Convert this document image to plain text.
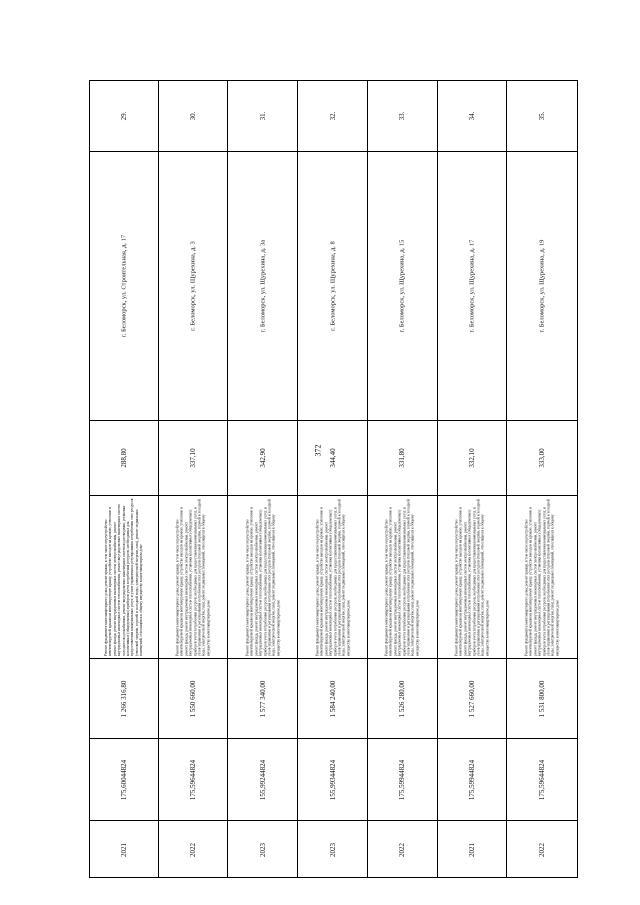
372
29.
г. Беломорск, ул. Строительная, д. 17
288,80
Ремонт фундамента многоквартирного дома; ремонт крыши, в том числе переустройство невентилируемой крыши на вентилируемую крышу, устройство выходов на кровлю, утепление и ремонт фасада, ремонт внутридомовых инженерных систем электроснабжения, ремонт внутридомовых инженерных систем теплоснабжения, ремонт внутридомовых инженерных систем холодного водоснабжения, ремонт внутридомовых инженерных систем водоотведения, установка коллективных (общедомовых) приборов учета потребления ресурсов, необходимых для предоставления коммунальных услуг, и узлов управления и регулирования потребления этих ресурсов (тепловой энергии, горячей и холодной воды, электрической энергии, газа), ремонт подвальных помещений, относящихся к общему имуществу в многоквартирном доме
1 266 316,80
175,60044824
2021
30.
г. Беломорск, ул. Щурехина, д. 3
337,10
Ремонт фундамента многоквартирного дома; ремонт крыши, в том числе переустройство невентилируемой крыши на вентилируемую крышу, устройство выходов на кровлю, утепление и ремонт фасада, ремонт внутридомовых инженерных систем электроснабжения, ремонт внутридомовых инженерных систем теплоснабжения, установка коллективных (общедомовых) приборов учета потребления ресурсов, необходимых для предоставления коммунальных услуг, и узлов управления и регулирования потребления этих ресурсов (тепловой энергии, горячей и холодной воды, электрической энергии, газа), ремонт подвальных помещений, относящихся к общему имуществу в многоквартирном доме
1 550 660,00
175,59644824
2022
31.
г. Беломорск, ул. Щурехина, д. 3а
342,90
Ремонт фундамента многоквартирного дома; ремонт крыши, в том числе переустройство невентилируемой крыши на вентилируемую крышу, устройство выходов на кровлю, утепление и ремонт фасада, ремонт внутридомовых инженерных систем электроснабжения, ремонт внутридомовых инженерных систем теплоснабжения, установка коллективных (общедомовых) приборов учета потребления ресурсов, необходимых для предоставления коммунальных услуг, и узлов управления и регулирования потребления этих ресурсов (тепловой энергии, горячей и холодной воды, электрической энергии, газа), ремонт подвальных помещений, относящихся к общему имуществу в многоквартирном доме
1 577 340,00
155,99244824
2023
32.
г. Беломорск, ул. Щурехина, д. 8
344,40
Ремонт фундамента многоквартирного дома; ремонт крыши, в том числе переустройство невентилируемой крыши на вентилируемую крышу, устройство выходов на кровлю, утепление и ремонт фасада, ремонт внутридомовых инженерных систем электроснабжения, ремонт внутридомовых инженерных систем теплоснабжения, установка коллективных (общедомовых) приборов учета потребления ресурсов, необходимых для предоставления коммунальных услуг, и узлов управления и регулирования потребления этих ресурсов (тепловой энергии, горячей и холодной воды, электрической энергии, газа), ремонт подвальных помещений, относящихся к общему имуществу в многоквартирном доме
1 584 240,00
155,99344824
2023
33.
г. Беломорск, ул. Щурехина, д. 15
331,80
Ремонт фундамента многоквартирного дома; ремонт крыши, в том числе переустройство невентилируемой крыши на вентилируемую крышу, устройство выходов на кровлю, утепление и ремонт фасада, ремонт внутридомовых инженерных систем электроснабжения, ремонт внутридомовых инженерных систем теплоснабжения, установка коллективных (общедомовых) приборов учета потребления ресурсов, необходимых для предоставления коммунальных услуг, и узлов управления и регулирования потребления этих ресурсов (тепловой энергии, горячей и холодной воды, электрической энергии, газа), ремонт подвальных помещений, относящихся к общему имуществу в многоквартирном доме
1 526 280,00
175,59944824
2022
34.
г. Беломорск, ул. Щурехина, д. 17
332,10
Ремонт фундамента многоквартирного дома; ремонт крыши, в том числе переустройство невентилируемой крыши на вентилируемую крышу, устройство выходов на кровлю, утепление и ремонт фасада, ремонт внутридомовых инженерных систем электроснабжения, ремонт внутридомовых инженерных систем теплоснабжения, установка коллективных (общедомовых) приборов учета потребления ресурсов, необходимых для предоставления коммунальных услуг, и узлов управления и регулирования потребления этих ресурсов (тепловой энергии, горячей и холодной воды, электрической энергии, газа), ремонт подвальных помещений, относящихся к общему имуществу в многоквартирном доме
1 527 660,00
175,59944824
2021
35.
г. Беломорск, ул. Щурехина, д. 19
333,00
Ремонт фундамента многоквартирного дома; ремонт крыши, в том числе переустройство невентилируемой крыши на вентилируемую крышу, устройство выходов на кровлю, утепление и ремонт фасада, ремонт внутридомовых инженерных систем электроснабжения, ремонт внутридомовых инженерных систем теплоснабжения, установка коллективных (общедомовых) приборов учета потребления ресурсов, необходимых для предоставления коммунальных услуг, и узлов управления и регулирования потребления этих ресурсов (тепловой энергии, горячей и холодной воды, электрической энергии, газа), ремонт подвальных помещений, относящихся к общему имуществу в многоквартирном доме
1 531 800,00
175,59644824
2022
